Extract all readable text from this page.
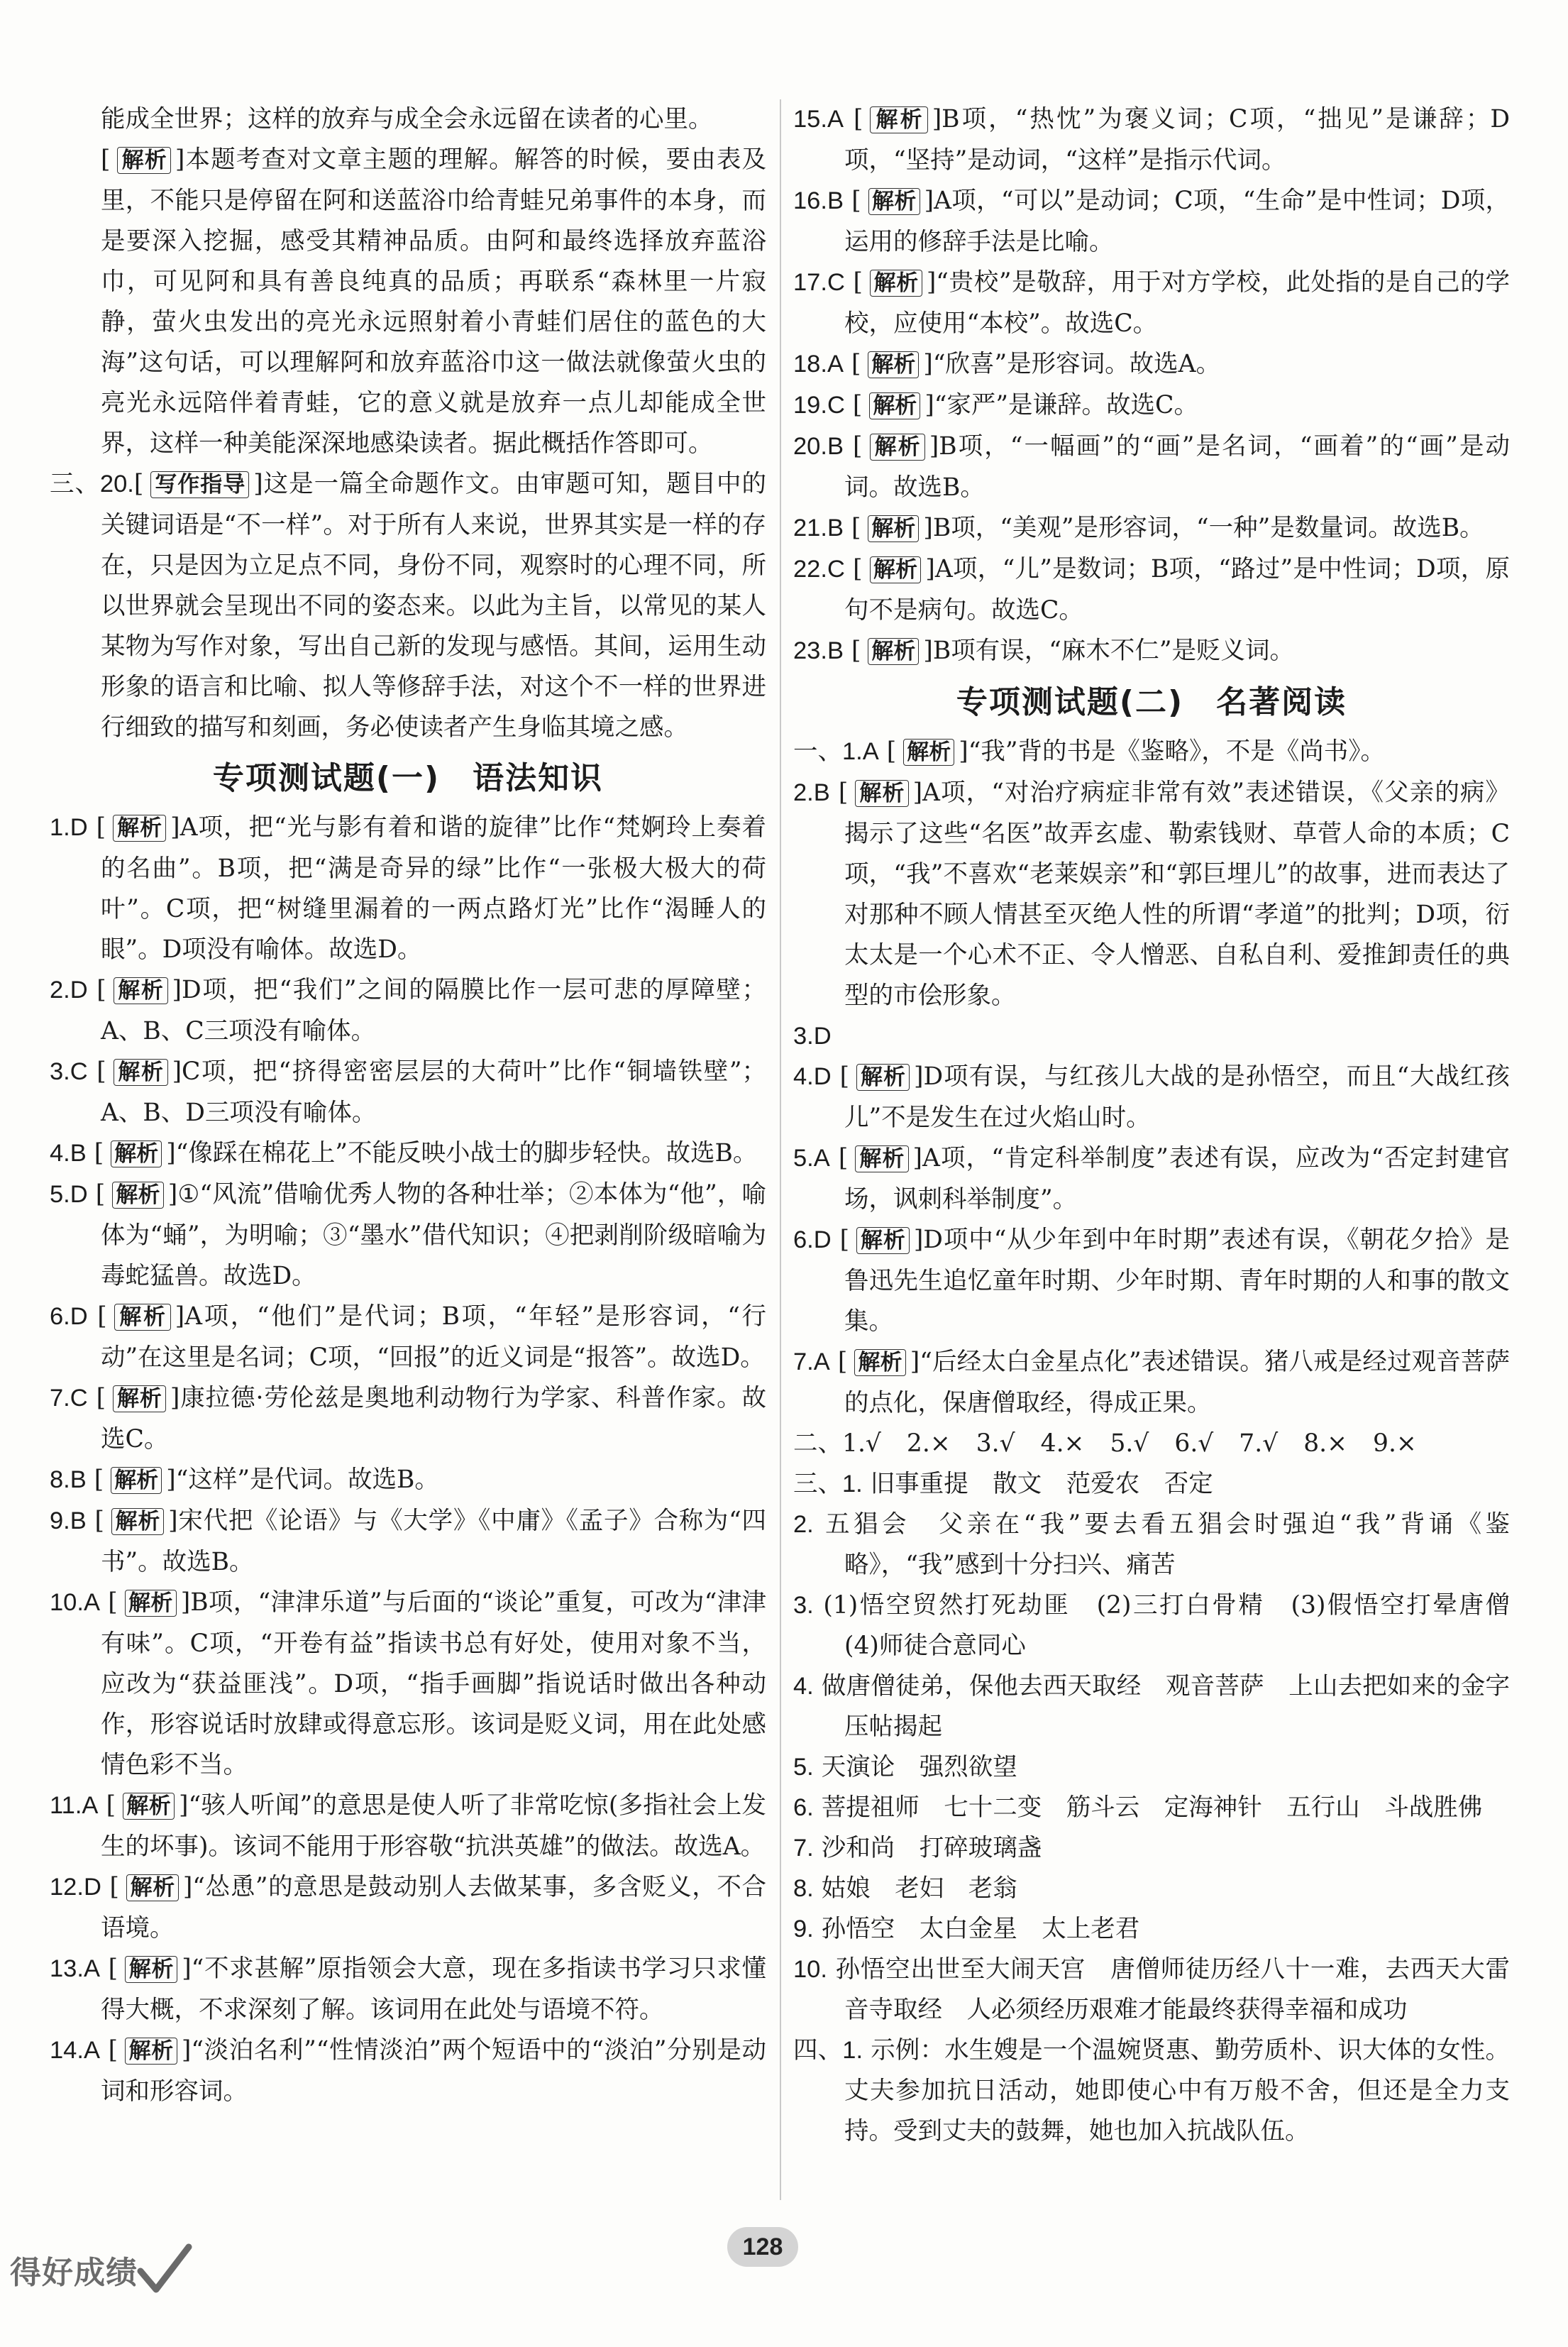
能成全世界；这样的放弃与成全会永远留在读者的心里。

[ 解析 ]本题考查对文章主题的理解。解答的时候，要由表及里，不能只是停留在阿和送蓝浴巾给青蛙兄弟事件的本身，而是要深入挖掘，感受其精神品质。由阿和最终选择放弃蓝浴巾，可见阿和具有善良纯真的品质；再联系“森林里一片寂静，萤火虫发出的亮光永远照射着小青蛙们居住的蓝色的大海”这句话，可以理解阿和放弃蓝浴巾这一做法就像萤火虫的亮光永远陪伴着青蛙，它的意义就是放弃一点儿却能成全世界，这样一种美能深深地感染读者。据此概括作答即可。

三、20.[ 写作指导 ]这是一篇全命题作文。由审题可知，题目中的关键词语是“不一样”。对于所有人来说，世界其实是一样的存在，只是因为立足点不同，身份不同，观察时的心理不同，所以世界就会呈现出不同的姿态来。以此为主旨，以常见的某人某物为写作对象，写出自己新的发现与感悟。其间，运用生动形象的语言和比喻、拟人等修辞手法，对这个不一样的世界进行细致的描写和刻画，务必使读者产生身临其境之感。

专项测试题(一)　语法知识

1.D [ 解析 ]A项，把“光与影有着和谐的旋律”比作“梵婀玲上奏着的名曲”。B项，把“满是奇异的绿”比作“一张极大极大的荷叶”。C项，把“树缝里漏着的一两点路灯光”比作“渴睡人的眼”。D项没有喻体。故选D。

2.D [ 解析 ]D项，把“我们”之间的隔膜比作一层可悲的厚障壁；A、B、C三项没有喻体。

3.C [ 解析 ]C项，把“挤得密密层层的大荷叶”比作“铜墙铁壁”；A、B、D三项没有喻体。

4.B [ 解析 ]“像踩在棉花上”不能反映小战士的脚步轻快。故选B。

5.D [ 解析 ]①“风流”借喻优秀人物的各种壮举；②本体为“他”，喻体为“蛹”，为明喻；③“墨水”借代知识；④把剥削阶级暗喻为毒蛇猛兽。故选D。

6.D [ 解析 ]A项，“他们”是代词；B项，“年轻”是形容词，“行动”在这里是名词；C项，“回报”的近义词是“报答”。故选D。

7.C [ 解析 ]康拉德·劳伦兹是奥地利动物行为学家、科普作家。故选C。

8.B [ 解析 ]“这样”是代词。故选B。

9.B [ 解析 ]宋代把《论语》与《大学》《中庸》《孟子》合称为“四书”。故选B。

10.A [ 解析 ]B项，“津津乐道”与后面的“谈论”重复，可改为“津津有味”。C项，“开卷有益”指读书总有好处，使用对象不当，应改为“获益匪浅”。D项，“指手画脚”指说话时做出各种动作，形容说话时放肆或得意忘形。该词是贬义词，用在此处感情色彩不当。

11.A [ 解析 ]“骇人听闻”的意思是使人听了非常吃惊(多指社会上发生的坏事)。该词不能用于形容敬“抗洪英雄”的做法。故选A。

12.D [ 解析 ]“怂恿”的意思是鼓动别人去做某事，多含贬义，不合语境。

13.A [ 解析 ]“不求甚解”原指领会大意，现在多指读书学习只求懂得大概，不求深刻了解。该词用在此处与语境不符。

14.A [ 解析 ]“淡泊名利”“性情淡泊”两个短语中的“淡泊”分别是动词和形容词。

15.A [ 解析 ]B项，“热忱”为褒义词；C项，“拙见”是谦辞；D项，“坚持”是动词，“这样”是指示代词。

16.B [ 解析 ]A项，“可以”是动词；C项，“生命”是中性词；D项，运用的修辞手法是比喻。

17.C [ 解析 ]“贵校”是敬辞，用于对方学校，此处指的是自己的学校，应使用“本校”。故选C。

18.A [ 解析 ]“欣喜”是形容词。故选A。

19.C [ 解析 ]“家严”是谦辞。故选C。

20.B [ 解析 ]B项，“一幅画”的“画”是名词，“画着”的“画”是动词。故选B。

21.B [ 解析 ]B项，“美观”是形容词，“一种”是数量词。故选B。

22.C [ 解析 ]A项，“儿”是数词；B项，“路过”是中性词；D项，原句不是病句。故选C。

23.B [ 解析 ]B项有误，“麻木不仁”是贬义词。

专项测试题(二)　名著阅读

一、1.A [ 解析 ]“我”背的书是《鉴略》，不是《尚书》。

2.B [ 解析 ]A项，“对治疗病症非常有效”表述错误，《父亲的病》揭示了这些“名医”故弄玄虚、勒索钱财、草菅人命的本质；C项，“我”不喜欢“老莱娱亲”和“郭巨埋儿”的故事，进而表达了对那种不顾人情甚至灭绝人性的所谓“孝道”的批判；D项，衍太太是一个心术不正、令人憎恶、自私自利、爱推卸责任的典型的市侩形象。

3.D

4.D [ 解析 ]D项有误，与红孩儿大战的是孙悟空，而且“大战红孩儿”不是发生在过火焰山时。

5.A [ 解析 ]A项，“肯定科举制度”表述有误，应改为“否定封建官场，讽刺科举制度”。

6.D [ 解析 ]D项中“从少年到中年时期”表述有误，《朝花夕拾》是鲁迅先生追忆童年时期、少年时期、青年时期的人和事的散文集。

7.A [ 解析 ]“后经太白金星点化”表述错误。猪八戒是经过观音菩萨的点化，保唐僧取经，得成正果。

二、1.√ 2.× 3.√ 4.× 5.√ 6.√ 7.√ 8.× 9.×

三、1. 旧事重提　散文　范爱农　否定

2. 五猖会　父亲在“我”要去看五猖会时强迫“我”背诵《鉴略》，“我”感到十分扫兴、痛苦

3. (1)悟空贸然打死劫匪　(2)三打白骨精　(3)假悟空打晕唐僧　(4)师徒合意同心

4. 做唐僧徒弟，保他去西天取经　观音菩萨　上山去把如来的金字压帖揭起

5. 天演论　强烈欲望

6. 菩提祖师　七十二变　筋斗云　定海神针　五行山　斗战胜佛

7. 沙和尚　打碎玻璃盏

8. 姑娘　老妇　老翁

9. 孙悟空　太白金星　太上老君

10. 孙悟空出世至大闹天宫　唐僧师徒历经八十一难，去西天大雷音寺取经　人必须经历艰难才能最终获得幸福和成功

四、1. 示例：水生嫂是一个温婉贤惠、勤劳质朴、识大体的女性。丈夫参加抗日活动，她即使心中有万般不舍，但还是全力支持。受到丈夫的鼓舞，她也加入抗战队伍。

128
得好成绩
